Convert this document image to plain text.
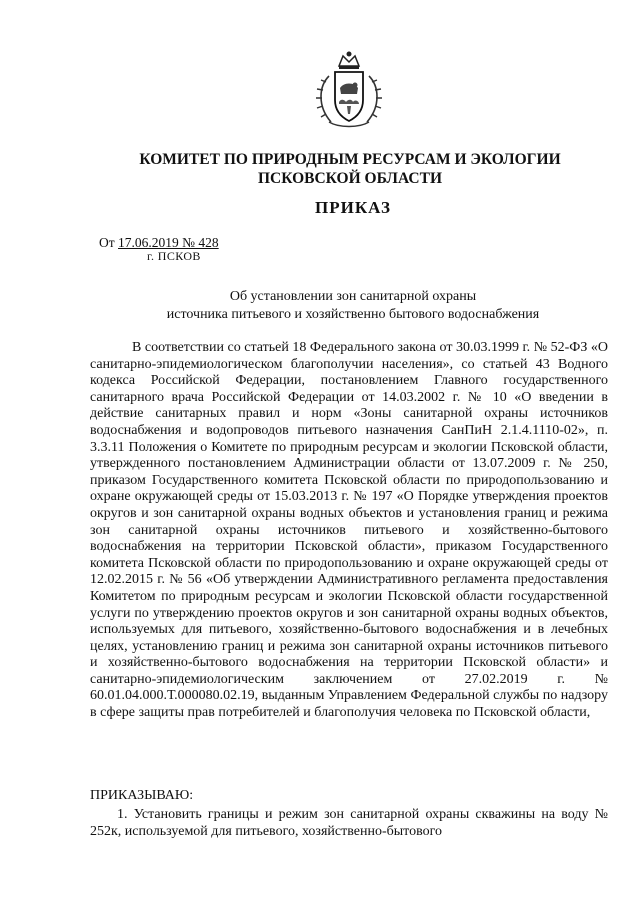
КОМИТЕТ ПО ПРИРОДНЫМ РЕСУРСАМ И ЭКОЛОГИИ
ПСКОВСКОЙ ОБЛАСТИ
ПРИКАЗ
От 17.06.2019 № 428
г. ПСКОВ
Об установлении зон санитарной охраны
источника питьевого и хозяйственно бытового водоснабжения
В соответствии со статьей 18 Федерального закона от 30.03.1999 г. № 52-ФЗ «О санитарно-эпидемиологическом благополучии населения», со статьей 43 Водного кодекса Российской Федерации, постановлением Главного государственного санитарного врача Российской Федерации от 14.03.2002 г. № 10 «О введении в действие санитарных правил и норм «Зоны санитарной охраны источников водоснабжения и водопроводов питьевого назначения СанПиН 2.1.4.1110-02», п. 3.3.11 Положения о Комитете по природным ресурсам и экологии Псковской области, утвержденного постановлением Администрации области от 13.07.2009 г. № 250, приказом Государственного комитета Псковской области по природопользованию и охране окружающей среды от 15.03.2013 г. № 197 «О Порядке утверждения проектов округов и зон санитарной охраны водных объектов и установления границ и режима зон санитарной охраны источников питьевого и хозяйственно-бытового водоснабжения на территории Псковской области», приказом Государственного комитета Псковской области по природопользованию и охране окружающей среды от 12.02.2015 г. № 56 «Об утверждении Административного регламента предоставления Комитетом по природным ресурсам и экологии Псковской области государственной услуги по утверждению проектов округов и зон санитарной охраны водных объектов, используемых для питьевого, хозяйственно-бытового водоснабжения и в лечебных целях, установлению границ и режима зон санитарной охраны источников питьевого и хозяйственно-бытового водоснабжения на территории Псковской области» и санитарно-эпидемиологическим заключением от 27.02.2019 г. № 60.01.04.000.Т.000080.02.19, выданным Управлением Федеральной службы по надзору в сфере защиты прав потребителей и благополучия человека по Псковской области,
ПРИКАЗЫВАЮ:
1. Установить границы и режим зон санитарной охраны скважины на воду № 252к, используемой для питьевого, хозяйственно-бытового
